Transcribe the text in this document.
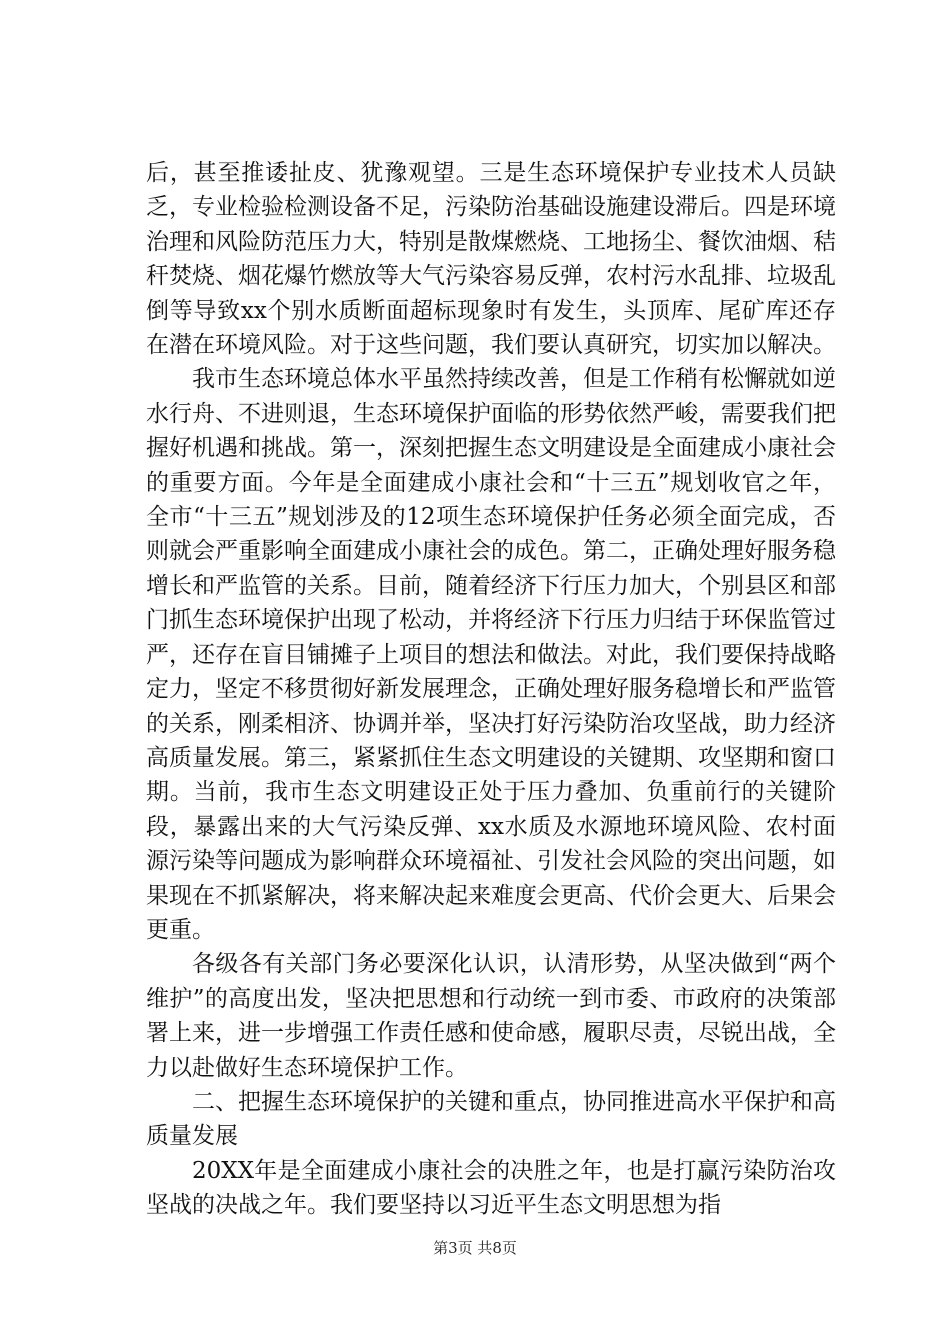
后，甚至推诿扯皮、犹豫观望。三是生态环境保护专业技术人员缺乏，专业检验检测设备不足，污染防治基础设施建设滞后。四是环境治理和风险防范压力大，特别是散煤燃烧、工地扬尘、餐饮油烟、秸秆焚烧、烟花爆竹燃放等大气污染容易反弹，农村污水乱排、垃圾乱倒等导致xx个别水质断面超标现象时有发生，头顶库、尾矿库还存在潜在环境风险。对于这些问题，我们要认真研究，切实加以解决。

我市生态环境总体水平虽然持续改善，但是工作稍有松懈就如逆水行舟、不进则退，生态环境保护面临的形势依然严峻，需要我们把握好机遇和挑战。第一，深刻把握生态文明建设是全面建成小康社会的重要方面。今年是全面建成小康社会和“十三五”规划收官之年，全市“十三五”规划涉及的12项生态环境保护任务必须全面完成，否则就会严重影响全面建成小康社会的成色。第二，正确处理好服务稳增长和严监管的关系。目前，随着经济下行压力加大，个别县区和部门抓生态环境保护出现了松动，并将经济下行压力归结于环保监管过严，还存在盲目铺摊子上项目的想法和做法。对此，我们要保持战略定力，坚定不移贯彻好新发展理念，正确处理好服务稳增长和严监管的关系，刚柔相济、协调并举，坚决打好污染防治攻坚战，助力经济高质量发展。第三，紧紧抓住生态文明建设的关键期、攻坚期和窗口期。当前，我市生态文明建设正处于压力叠加、负重前行的关键阶段，暴露出来的大气污染反弹、xx水质及水源地环境风险、农村面源污染等问题成为影响群众环境福祉、引发社会风险的突出问题，如果现在不抓紧解决，将来解决起来难度会更高、代价会更大、后果会更重。

各级各有关部门务必要深化认识，认清形势，从坚决做到“两个维护”的高度出发，坚决把思想和行动统一到市委、市政府的决策部署上来，进一步增强工作责任感和使命感，履职尽责，尽锐出战，全力以赴做好生态环境保护工作。

二、把握生态环境保护的关键和重点，协同推进高水平保护和高质量发展

20XX年是全面建成小康社会的决胜之年，也是打赢污染防治攻坚战的决战之年。我们要坚持以习近平生态文明思想为指

第3页 共8页
